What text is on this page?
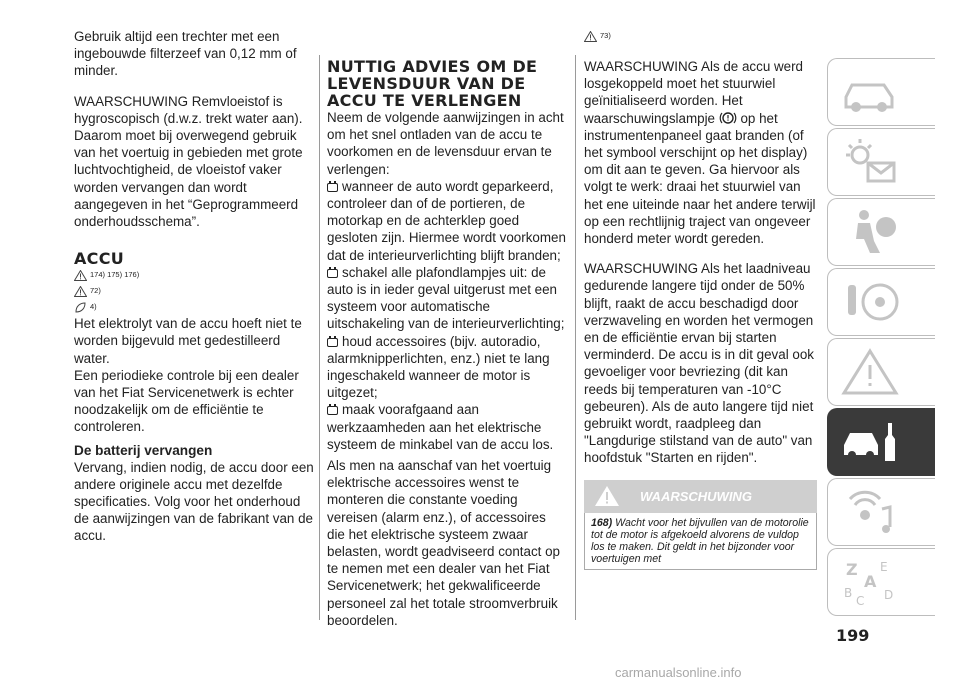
Gebruik altijd een trechter met een ingebouwde filterzeef van 0,12 mm of minder.

WAARSCHUWING Remvloeistof is hygroscopisch (d.w.z. trekt water aan). Daarom moet bij overwegend gebruik van het voertuig in gebieden met grote luchtvochtigheid, de vloeistof vaker worden vervangen dan wordt aangegeven in het “Geprogrammeerd onderhoudsschema”.

ACCU
174) 175) 176)
72)
4)

Het elektrolyt van de accu hoeft niet te worden bijgevuld met gedestilleerd water.

Een periodieke controle bij een dealer van het Fiat Servicenetwerk is echter noodzakelijk om de efficiëntie te controleren.

De batterij vervangen

Vervang, indien nodig, de accu door een andere originele accu met dezelfde specificaties. Volg voor het onderhoud de aanwijzingen van de fabrikant van de accu.

NUTTIG ADVIES OM DE LEVENSDUUR VAN DE ACCU TE VERLENGEN

Neem de volgende aanwijzingen in acht om het snel ontladen van de accu te voorkomen en de levensduur ervan te verlengen:

wanneer de auto wordt geparkeerd, controleer dan of de portieren, de motorkap en de achterklep goed gesloten zijn. Hiermee wordt voorkomen dat de interieurverlichting blijft branden;
schakel alle plafondlampjes uit: de auto is in ieder geval uitgerust met een systeem voor automatische uitschakeling van de interieurverlichting;
houd accessoires (bijv. autoradio, alarmknipperlichten, enz.) niet te lang ingeschakeld wanneer de motor is uitgezet;
maak voorafgaand aan werkzaamheden aan het elektrische systeem de minkabel van de accu los.

Als men na aanschaf van het voertuig elektrische accessoires wenst te monteren die constante voeding vereisen (alarm enz.), of accessoires die het elektrische systeem zwaar belasten, wordt geadviseerd contact op te nemen met een dealer van het Fiat Servicenetwerk; het gekwalificeerde personeel zal het totale stroomverbruik beoordelen.

73)

WAARSCHUWING Als de accu werd losgekoppeld moet het stuurwiel geïnitialiseerd worden. Het waarschuwingslampje op het instrumentenpaneel gaat branden (of het symbool verschijnt op het display) om dit aan te geven. Ga hiervoor als volgt te werk: draai het stuurwiel van het ene uiteinde naar het andere terwijl op een rechtlijnig traject van ongeveer honderd meter wordt gereden.

WAARSCHUWING Als het laadniveau gedurende langere tijd onder de 50% blijft, raakt de accu beschadigd door verzwaveling en worden het vermogen en de efficiëntie ervan bij starten verminderd. De accu is in dit geval ook gevoeliger voor bevriezing (dit kan reeds bij temperaturen van -10°C gebeuren). Als de auto langere tijd niet gebruikt wordt, raadpleeg dan "Langdurige stilstand van de auto" van hoofdstuk "Starten en rijden".

WAARSCHUWING
168) Wacht voor het bijvullen van de motorolie tot de motor is afgekoeld alvorens de vuldop los te maken. Dit geldt in het bijzonder voor voertuigen met
Z E
A
B
C D
199
carmanualsonline.info
